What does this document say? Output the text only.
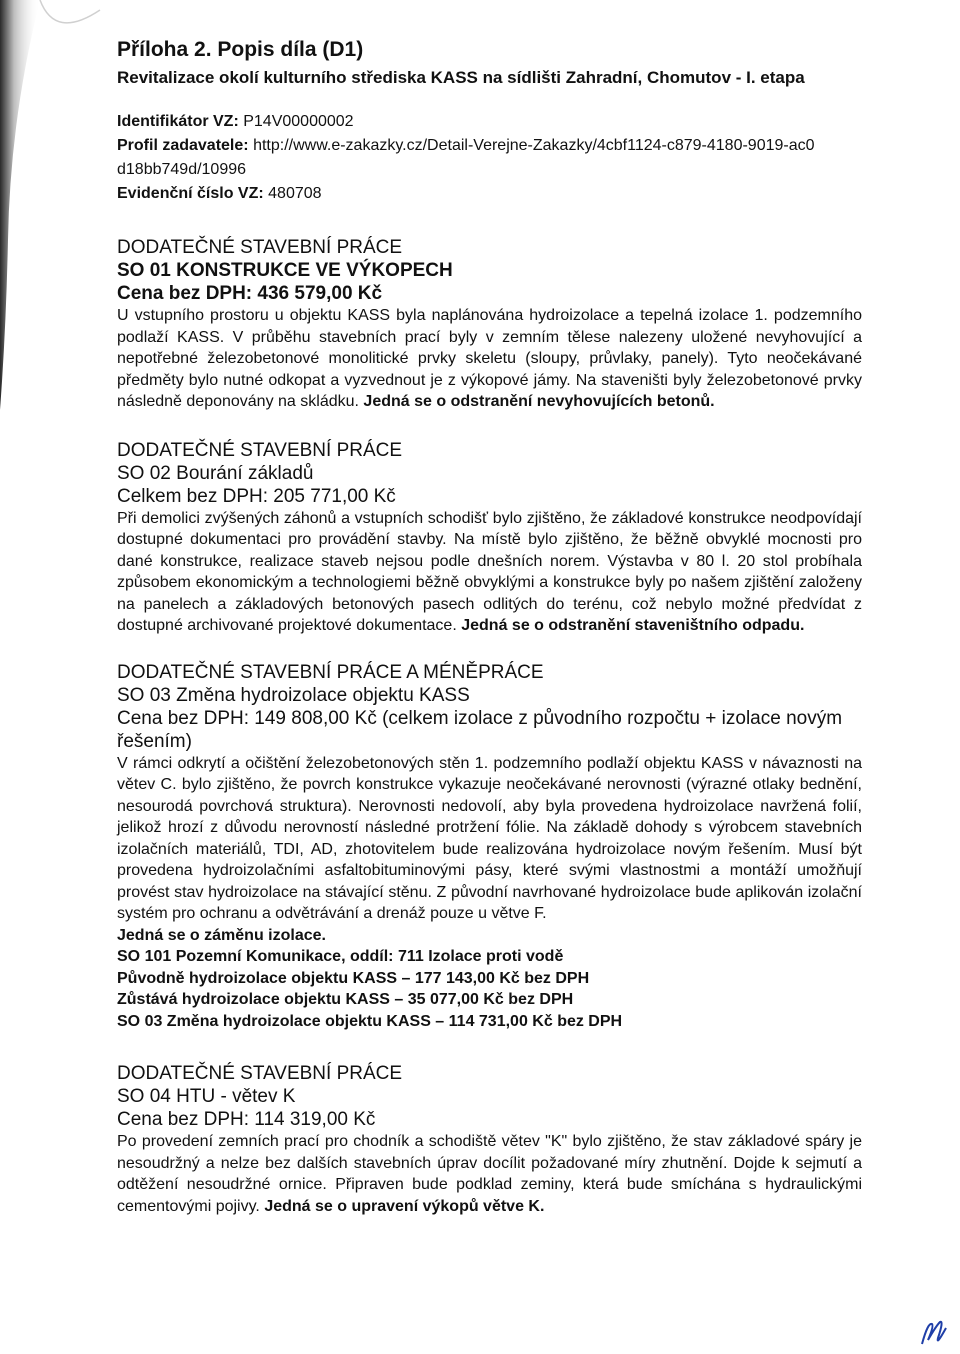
Příloha 2. Popis díla (D1)

Revitalizace okolí kulturního střediska KASS na sídlišti Zahradní, Chomutov - I. etapa

Identifikátor VZ: P14V00000002

Profil zadavatele: http://www.e-zakazky.cz/Detail-Verejne-Zakazky/4cbf1124-c879-4180-9019-ac0d18bb749d/10996

Evidenční číslo VZ: 480708

DODATEČNÉ STAVEBNÍ PRÁCE

SO 01 KONSTRUKCE VE VÝKOPECH

Cena bez DPH: 436 579,00 Kč

U vstupního prostoru u objektu KASS byla naplánována hydroizolace a tepelná izolace 1. podzemního podlaží KASS. V průběhu stavebních prací byly v zemním tělese nalezeny uložené nevyhovující a nepotřebné železobetonové monolitické prvky skeletu (sloupy, průvlaky, panely). Tyto neočekávané předměty bylo nutné odkopat a vyzvednout je z výkopové jámy. Na staveništi byly železobetonové prvky následně deponovány na skládku. Jedná se o odstranění nevyhovujících betonů.

DODATEČNÉ STAVEBNÍ PRÁCE

SO 02 Bourání základů

Celkem bez DPH: 205 771,00 Kč

Při demolici zvýšených záhonů a vstupních schodišť bylo zjištěno, že základové konstrukce neodpovídají dostupné dokumentaci pro provádění stavby. Na místě bylo zjištěno, že běžně obvyklé mocnosti pro dané konstrukce, realizace staveb nejsou podle dnešních norem. Výstavba v 80 l. 20 stol probíhala způsobem ekonomickým a technologiemi běžně obvyklými a konstrukce byly po našem zjištění založeny na panelech a základových betonových pasech odlitých do terénu, což nebylo možné předvídat z dostupné archivované projektové dokumentace. Jedná se o odstranění staveništního odpadu.

DODATEČNÉ STAVEBNÍ PRÁCE A MÉNĚPRÁCE

SO 03 Změna hydroizolace objektu KASS

Cena bez DPH: 149 808,00 Kč (celkem izolace z původního rozpočtu + izolace novým řešením)

V rámci odkrytí a očištění železobetonových stěn 1. podzemního podlaží objektu KASS v návaznosti na větev C. bylo zjištěno, že povrch konstrukce vykazuje neočekávané nerovnosti (výrazné otlaky bednění, nesourodá povrchová struktura). Nerovnosti nedovolí, aby byla provedena hydroizolace navržená folií, jelikož hrozí z důvodu nerovností následné protržení fólie. Na základě dohody s výrobcem stavebních izolačních materiálů, TDI, AD, zhotovitelem bude realizována hydroizolace novým řešením. Musí být provedena hydroizolačními asfaltobituminovými pásy, které svými vlastnostmi a montáží umožňují provést stav hydroizolace na stávající stěnu. Z původní navrhované hydroizolace bude aplikován izolační systém pro ochranu a odvětrávání a drenáž pouze u větve F.

Jedná se o záměnu izolace.

SO 101 Pozemní Komunikace, oddíl: 711 Izolace proti vodě

Původně hydroizolace objektu KASS – 177 143,00 Kč bez DPH

Zůstává hydroizolace objektu KASS – 35 077,00 Kč bez DPH

SO 03 Změna hydroizolace objektu KASS – 114 731,00 Kč bez DPH

DODATEČNÉ STAVEBNÍ PRÁCE

SO 04 HTU - větev K

Cena bez DPH: 114 319,00 Kč

Po provedení zemních prací pro chodník a schodiště větev "K" bylo zjištěno, že stav základové spáry je nesoudržný a nelze bez dalších stavebních úprav docílit požadované míry zhutnění. Dojde k sejmutí a odtěžení nesoudržné ornice. Připraven bude podklad zeminy, která bude smíchána s hydraulickými cementovými pojivy. Jedná se o upravení výkopů větve K.
